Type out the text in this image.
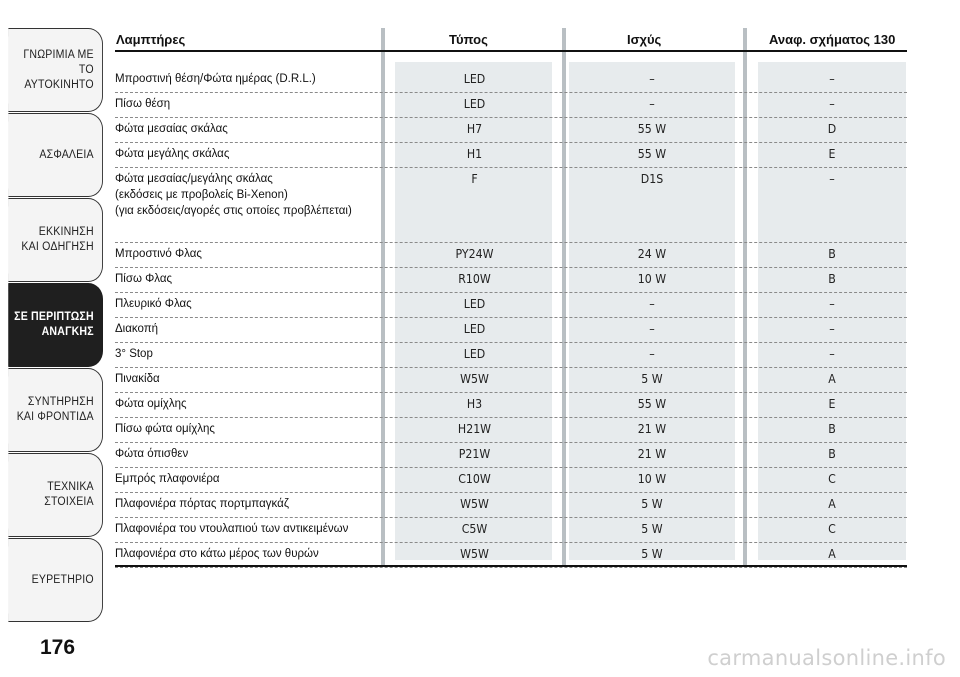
ΓΝΩΡΙΜΙΑ ΜΕ ΤΟ
ΑΥΤΟΚΙΝΗΤΟ
ΑΣΦΑΛΕΙΑ
ΕΚΚΙΝΗΣΗ
ΚΑΙ ΟΔΗΓΗΣΗ
ΣΕ ΠΕΡΙΠΤΩΣΗ
ΑΝΑΓΚΗΣ
ΣΥΝΤΗΡΗΣΗ
ΚΑΙ ΦΡΟΝΤΙΔΑ
ΤΕΧΝΙΚΑ
ΣΤΟΙΧΕΙΑ
ΕΥΡΕΤΗΡΙΟ
Λαμπτήρες	Τύπος	Ισχύς	Αναφ. σχήματος 130
Μπροστινή θέση/Φώτα ημέρας (D.R.L.)	LED	–	–
Πίσω θέση	LED	–	–
Φώτα μεσαίας σκάλας	H7	55 W	D
Φώτα μεγάλης σκάλας	H1	55 W	E
Φώτα μεσαίας/μεγάλης σκάλας
(εκδόσεις με προβολείς Bi-Xenon)
(για εκδόσεις/αγορές στις οποίες προβλέπεται)
F	D1S	–
Μπροστινό Φλας	PY24W	24 W	B
Πίσω Φλας	R10W	10 W	B
Πλευρικό Φλας	LED	–	–
Διακοπή	LED	–	–
3° Stop	LED	–	–
Πινακίδα	W5W	5 W	A
Φώτα ομίχλης	H3	55 W	E
Πίσω φώτα ομίχλης	H21W	21 W	B
Φώτα όπισθεν	P21W	21 W	B
Εμπρός πλαφονιέρα	C10W	10 W	C
Πλαφονιέρα πόρτας πορτμπαγκάζ	W5W	5 W	A
Πλαφονιέρα του ντουλαπιού των αντικειμένων	C5W	5 W	C
Πλαφονιέρα στο κάτω μέρος των θυρών	W5W	5 W	A
176	carmanualsonline.info
